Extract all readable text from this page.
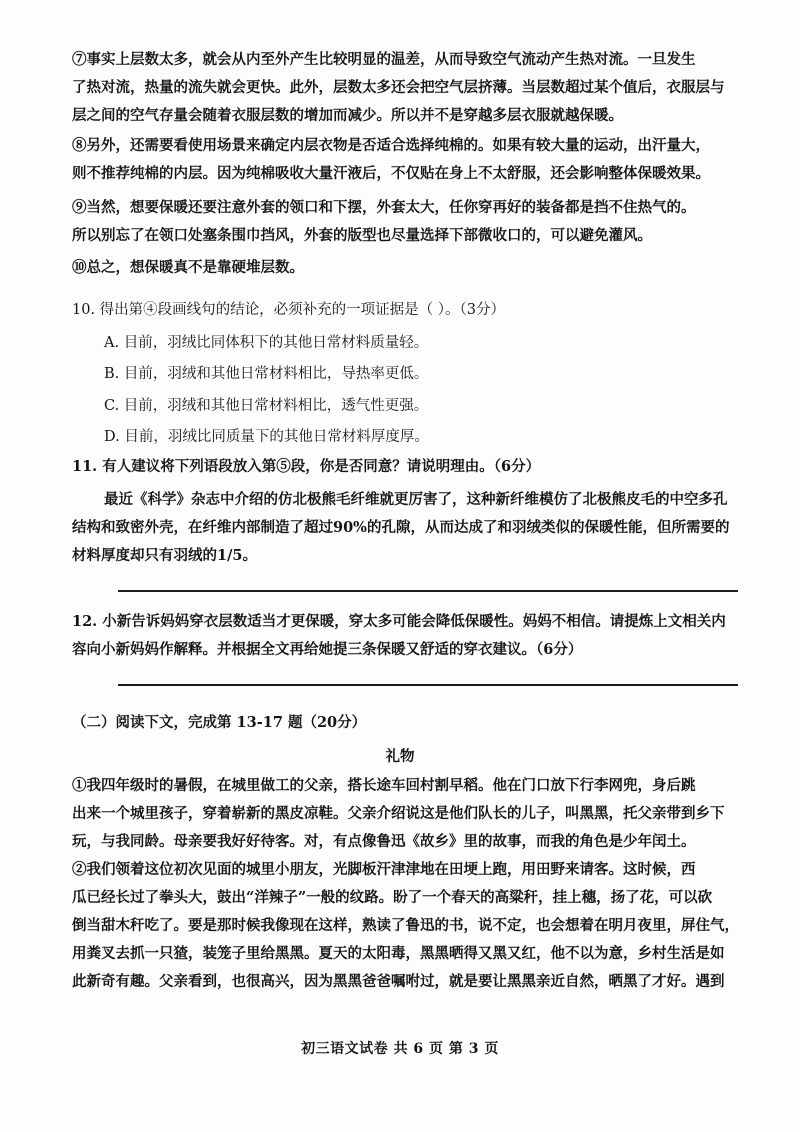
⑦事实上层数太多，就会从内至外产生比较明显的温差，从而导致空气流动产生热对流。一旦发生
了热对流，热量的流失就会更快。此外，层数太多还会把空气层挤薄。当层数超过某个值后，衣服层与
层之间的空气存量会随着衣服层数的增加而减少。所以并不是穿越多层衣服就越保暖。
⑧另外，还需要看使用场景来确定内层衣物是否适合选择纯棉的。如果有较大量的运动，出汗量大，
则不推荐纯棉的内层。因为纯棉吸收大量汗液后，不仅贴在身上不太舒服，还会影响整体保暖效果。
⑨当然，想要保暖还要注意外套的领口和下摆，外套太大，任你穿再好的装备都是挡不住热气的。
所以别忘了在领口处塞条围巾挡风，外套的版型也尽量选择下部微收口的，可以避免灌风。
⑩总之，想保暖真不是靠硬堆层数。
10. 得出第④段画线句的结论，必须补充的一项证据是（ ）。（3分）
A. 目前，羽绒比同体积下的其他日常材料质量轻。
B. 目前，羽绒和其他日常材料相比，导热率更低。
C. 目前，羽绒和其他日常材料相比，透气性更强。
D. 目前，羽绒比同质量下的其他日常材料厚度厚。
11. 有人建议将下列语段放入第⑤段，你是否同意？请说明理由。（6分）
最近《科学》杂志中介绍的仿北极熊毛纤维就更厉害了，这种新纤维模仿了北极熊皮毛的中空多孔
结构和致密外壳，在纤维内部制造了超过90%的孔隙，从而达成了和羽绒类似的保暖性能，但所需要的
材料厚度却只有羽绒的1/5。
12. 小新告诉妈妈穿衣层数适当才更保暖，穿太多可能会降低保暖性。妈妈不相信。请提炼上文相关内
容向小新妈妈作解释。并根据全文再给她提三条保暖又舒适的穿衣建议。（6分）
（二）阅读下文，完成第 13-17 题（20分）
礼物
①我四年级时的暑假，在城里做工的父亲，搭长途车回村割早稻。他在门口放下行李网兜，身后跳
出来一个城里孩子，穿着崭新的黑皮凉鞋。父亲介绍说这是他们队长的儿子，叫黑黑，托父亲带到乡下
玩，与我同龄。母亲要我好好待客。对，有点像鲁迅《故乡》里的故事，而我的角色是少年闰土。
②我们领着这位初次见面的城里小朋友，光脚板汗津津地在田埂上跑，用田野来请客。这时候，西
瓜已经长过了拳头大，鼓出“洋辣子”一般的纹路。盼了一个春天的高粱秆，挂上穗，扬了花，可以砍
倒当甜木秆吃了。要是那时候我像现在这样，熟读了鲁迅的书，说不定，也会想着在明月夜里，屏住气，
用粪叉去抓一只猹，装笼子里给黑黑。夏天的太阳毒，黑黑晒得又黑又红，他不以为意，乡村生活是如
此新奇有趣。父亲看到，也很高兴，因为黑黑爸爸嘱咐过，就是要让黑黑亲近自然，晒黑了才好。遇到
初三语文试卷 共 6 页 第 3 页
